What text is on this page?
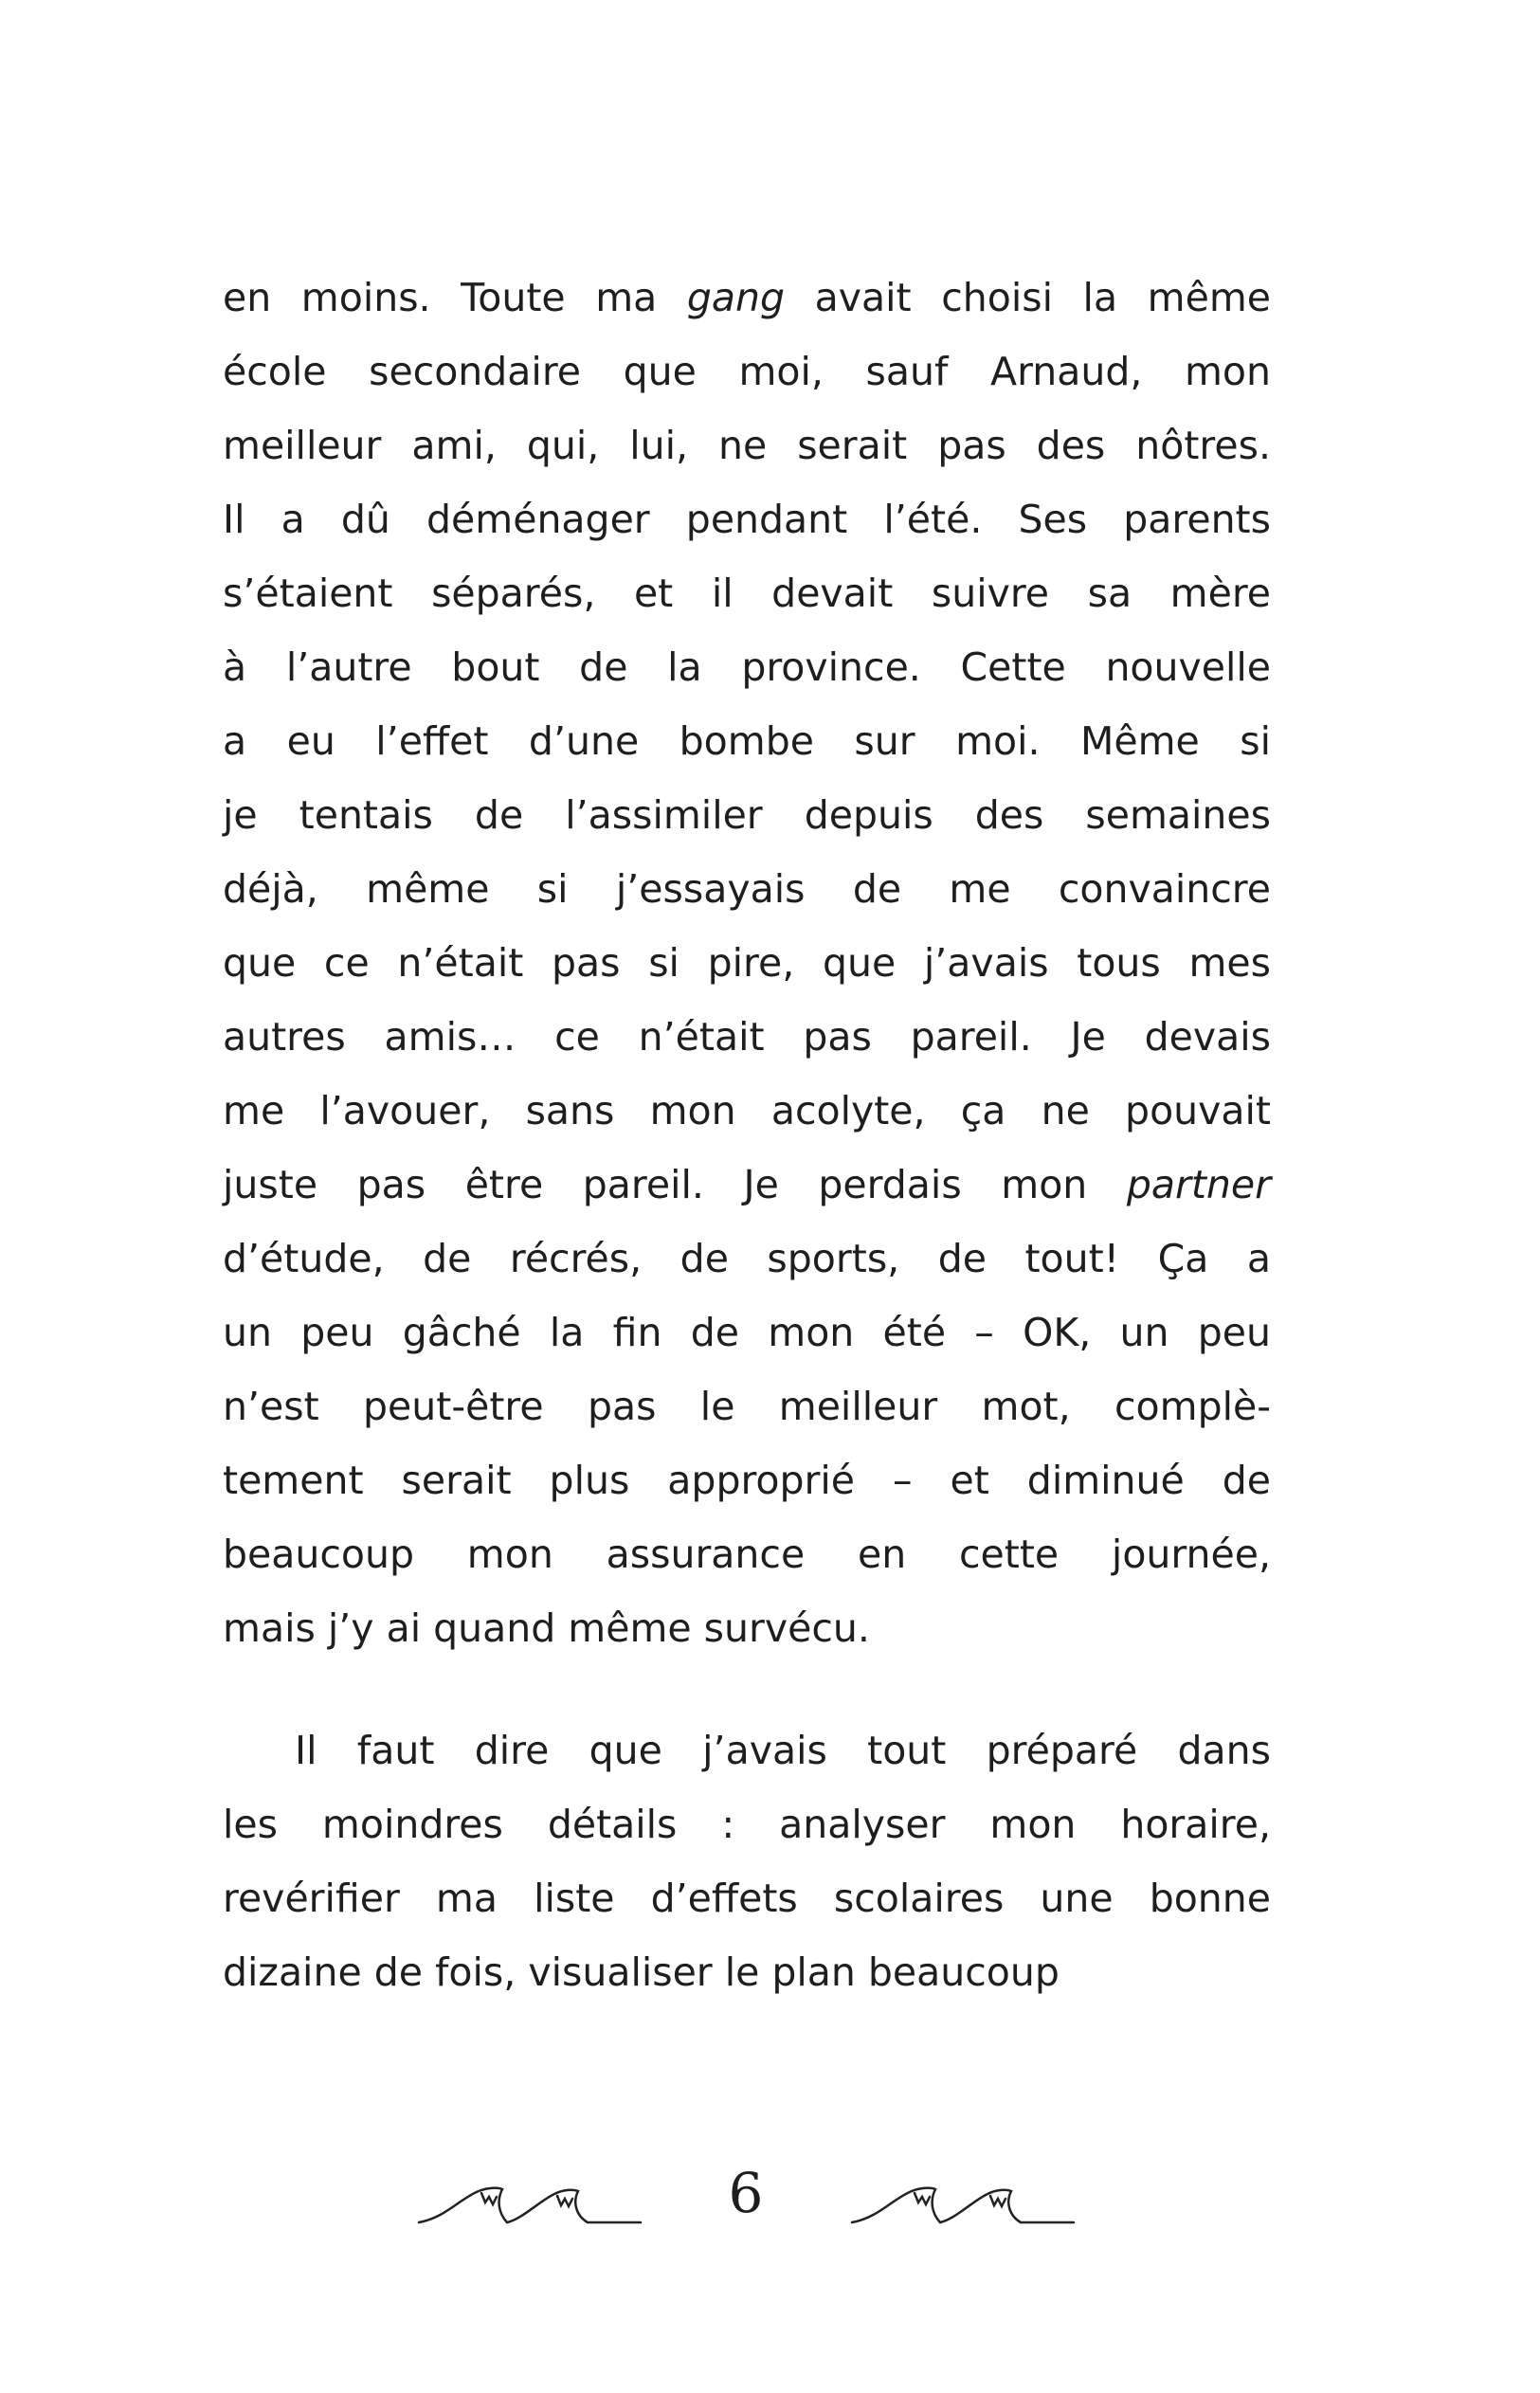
en moins. Toute ma gang avait choisi la même
école secondaire que moi, sauf Arnaud, mon
meilleur ami, qui, lui, ne serait pas des nôtres.
Il a dû déménager pendant l’été. Ses parents
s’étaient séparés, et il devait suivre sa mère
à l’autre bout de la province. Cette nouvelle
a eu l’effet d’une bombe sur moi. Même si
je tentais de l’assimiler depuis des semaines
déjà, même si j’essayais de me convaincre
que ce n’était pas si pire, que j’avais tous mes
autres amis… ce n’était pas pareil. Je devais
me l’avouer, sans mon acolyte, ça ne pouvait
juste pas être pareil. Je perdais mon partner
d’étude, de récrés, de sports, de tout! Ça a
un peu gâché la fin de mon été – OK, un peu
n’est peut-être pas le meilleur mot, complè-
tement serait plus approprié – et diminué de
beaucoup mon assurance en cette journée,
mais j’y ai quand même survécu.
Il faut dire que j’avais tout préparé dans
les moindres détails : analyser mon horaire,
revérifier ma liste d’effets scolaires une bonne
dizaine de fois, visualiser le plan beaucoup
6
